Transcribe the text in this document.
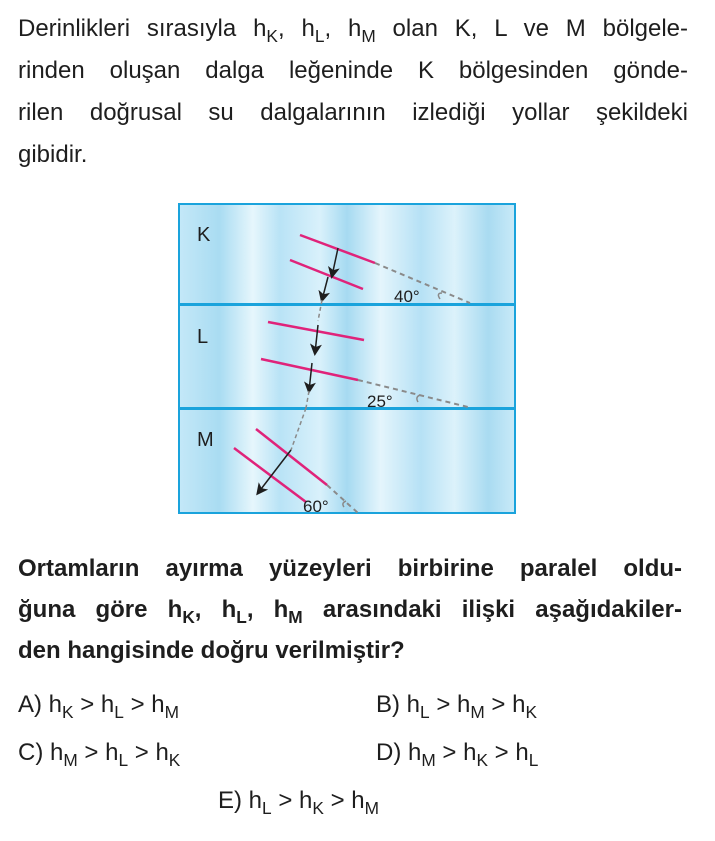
Derinlikleri sırasıyla $h_K$, $h_L$, $h_M$ olan K, L ve M bölgele-
rinden oluşan dalga leğeninde K bölgesinden gönde-
rilen doğrusal su dalgalarının izlediği yollar şekildeki
gibidir.
K
L
M
40°
25°
60°
Ortamların ayırma yüzeyleri birbirine paralel oldu-
ğuna göre $h_K$, $h_L$, $h_M$ arasındaki ilişki aşağıdakiler-
den hangisinde doğru verilmiştir?
A) $h_K > h_L > h_M$	B) $h_L > h_M > h_K$
C) $h_M > h_L > h_K$	D) $h_M > h_K > h_L$
E) $h_L > h_K > h_M$
